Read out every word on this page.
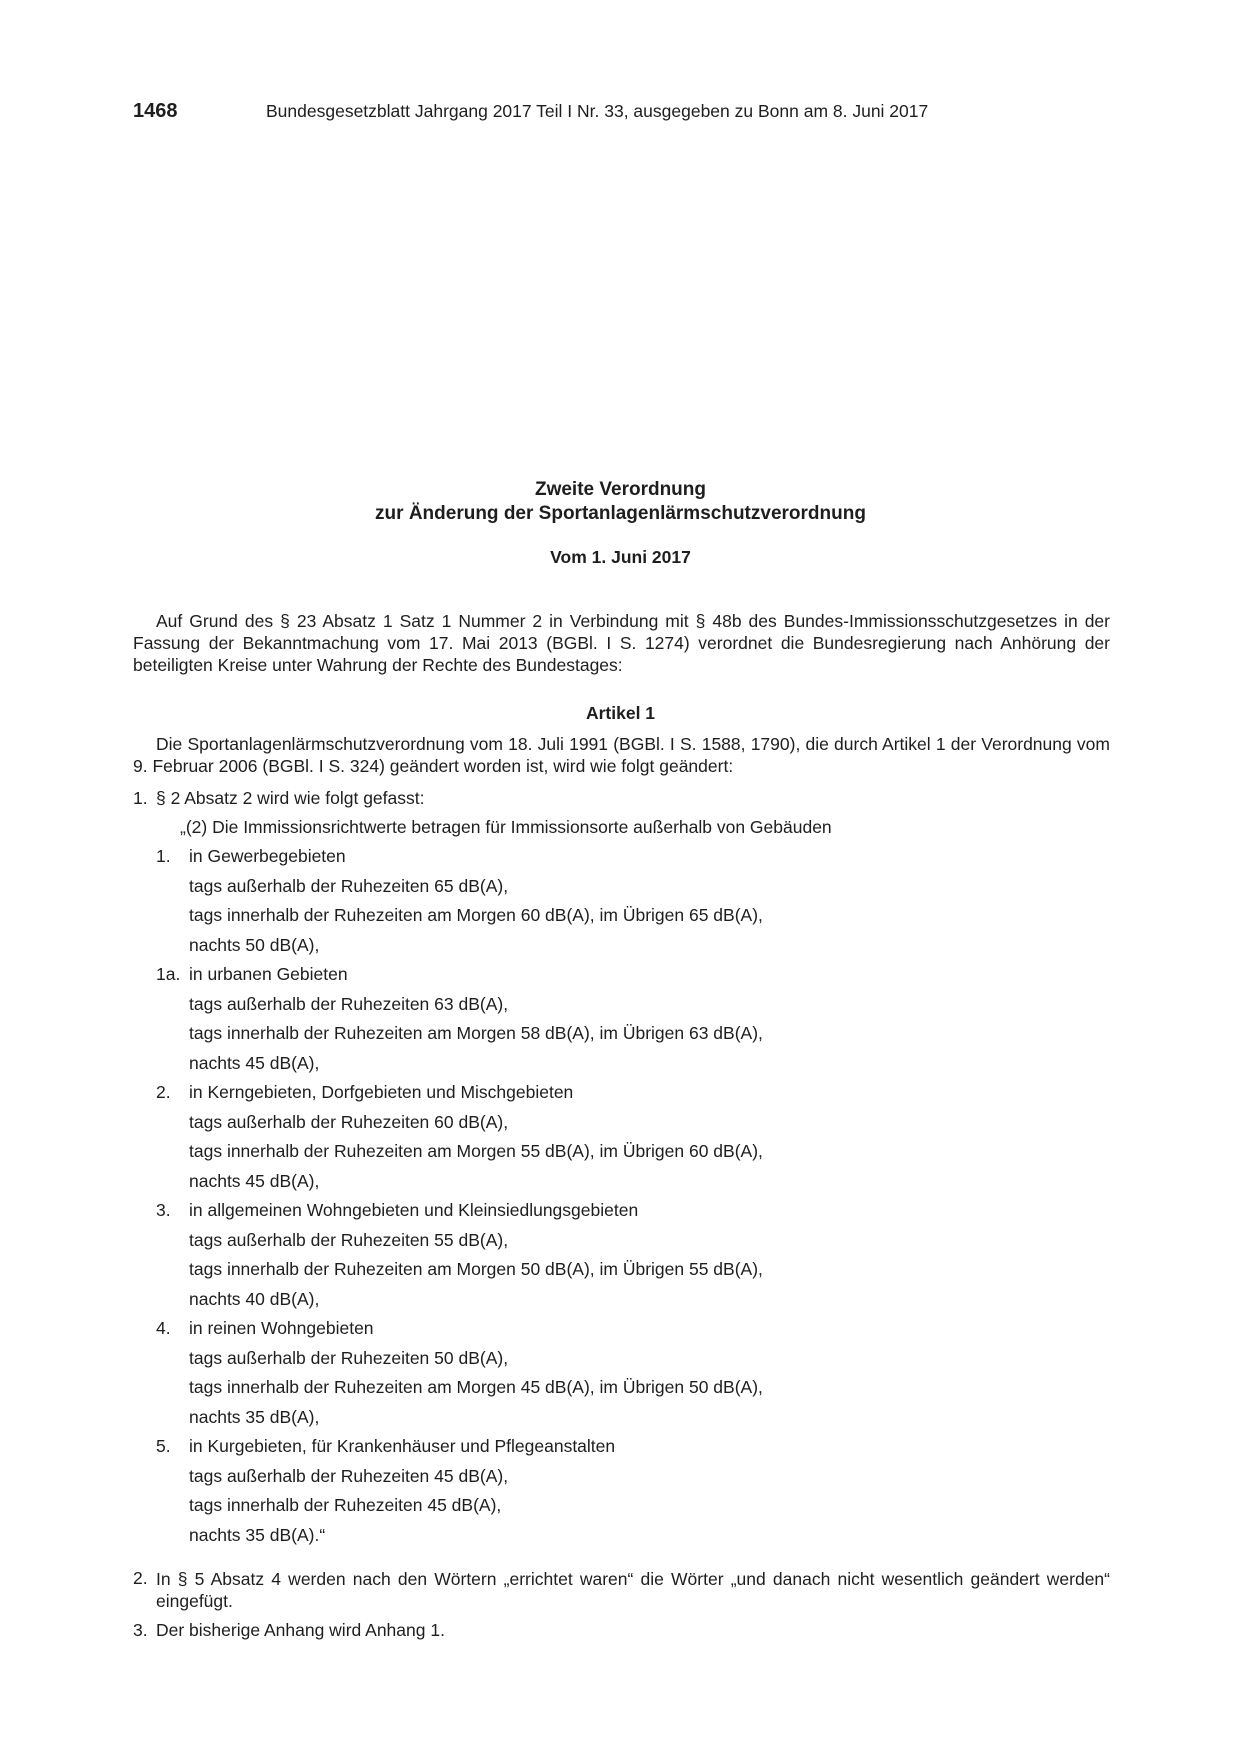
1468	Bundesgesetzblatt Jahrgang 2017 Teil I Nr. 33, ausgegeben zu Bonn am 8. Juni 2017
Zweite Verordnung
zur Änderung der Sportanlagenlärmschutzverordnung
Vom 1. Juni 2017
Auf Grund des § 23 Absatz 1 Satz 1 Nummer 2 in Verbindung mit § 48b des Bundes-Immissionsschutzgesetzes in der Fassung der Bekanntmachung vom 17. Mai 2013 (BGBl. I S. 1274) verordnet die Bundesregierung nach Anhörung der beteiligten Kreise unter Wahrung der Rechte des Bundestages:
Artikel 1
Die Sportanlagenlärmschutzverordnung vom 18. Juli 1991 (BGBl. I S. 1588, 1790), die durch Artikel 1 der Verordnung vom 9. Februar 2006 (BGBl. I S. 324) geändert worden ist, wird wie folgt geändert:
1. § 2 Absatz 2 wird wie folgt gefasst:
„(2) Die Immissionsrichtwerte betragen für Immissionsorte außerhalb von Gebäuden
1. in Gewerbegebieten
tags außerhalb der Ruhezeiten 65 dB(A),
tags innerhalb der Ruhezeiten am Morgen 60 dB(A), im Übrigen 65 dB(A),
nachts 50 dB(A),
1a. in urbanen Gebieten
tags außerhalb der Ruhezeiten 63 dB(A),
tags innerhalb der Ruhezeiten am Morgen 58 dB(A), im Übrigen 63 dB(A),
nachts 45 dB(A),
2. in Kerngebieten, Dorfgebieten und Mischgebieten
tags außerhalb der Ruhezeiten 60 dB(A),
tags innerhalb der Ruhezeiten am Morgen 55 dB(A), im Übrigen 60 dB(A),
nachts 45 dB(A),
3. in allgemeinen Wohngebieten und Kleinsiedlungsgebieten
tags außerhalb der Ruhezeiten 55 dB(A),
tags innerhalb der Ruhezeiten am Morgen 50 dB(A), im Übrigen 55 dB(A),
nachts 40 dB(A),
4. in reinen Wohngebieten
tags außerhalb der Ruhezeiten 50 dB(A),
tags innerhalb der Ruhezeiten am Morgen 45 dB(A), im Übrigen 50 dB(A),
nachts 35 dB(A),
5. in Kurgebieten, für Krankenhäuser und Pflegeanstalten
tags außerhalb der Ruhezeiten 45 dB(A),
tags innerhalb der Ruhezeiten 45 dB(A),
nachts 35 dB(A).“
2. In § 5 Absatz 4 werden nach den Wörtern „errichtet waren“ die Wörter „und danach nicht wesentlich geändert werden“ eingefügt.
3. Der bisherige Anhang wird Anhang 1.
